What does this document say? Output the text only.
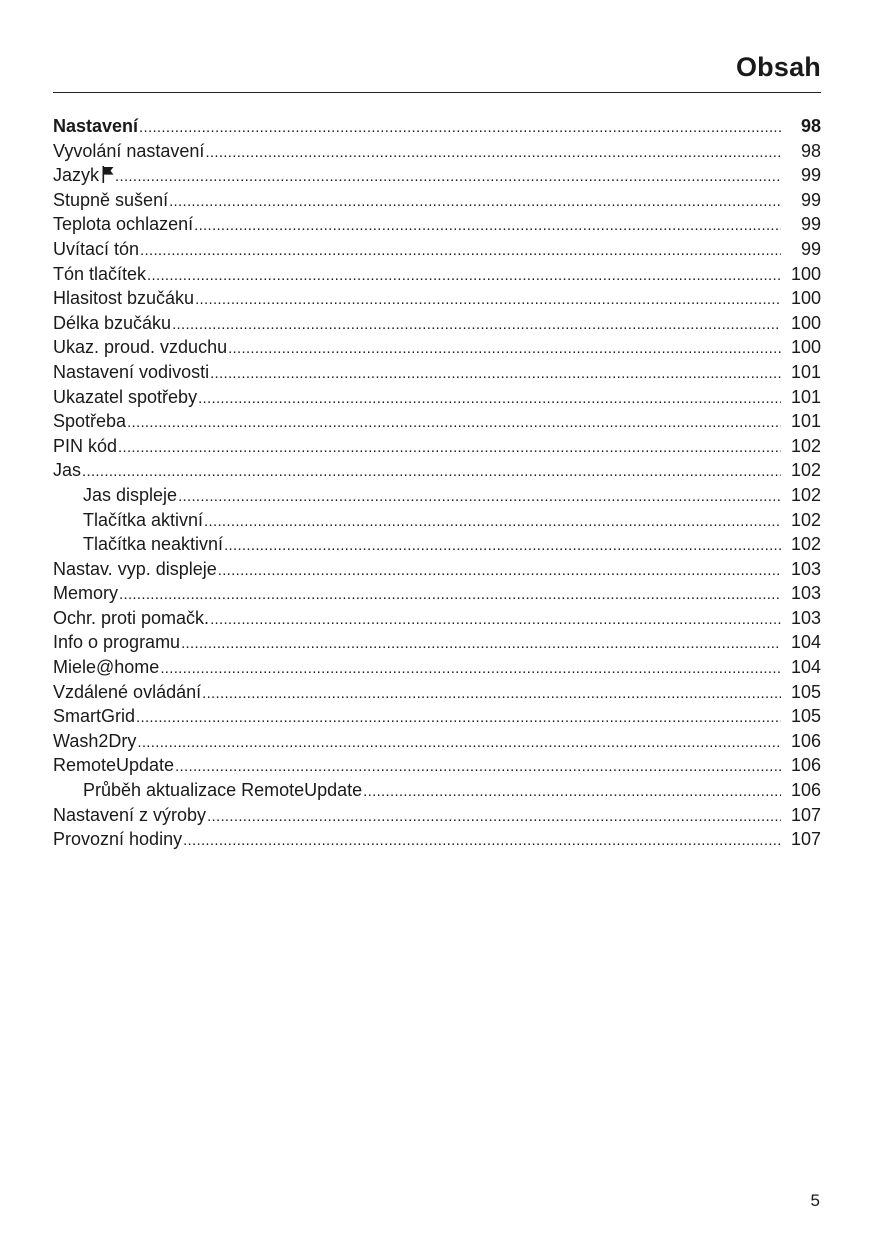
Obsah
Nastavení .....	98
Vyvolání nastavení .....	98
Jazyk .....	99
Stupně sušení .....	99
Teplota ochlazení .....	99
Uvítací tón .....	99
Tón tlačítek .....	100
Hlasitost bzučáku .....	100
Délka bzučáku .....	100
Ukaz. proud. vzduchu .....	100
Nastavení vodivosti .....	101
Ukazatel spotřeby .....	101
Spotřeba .....	101
PIN kód .....	102
Jas .....	102
Jas displeje .....	102
Tlačítka aktivní .....	102
Tlačítka neaktivní .....	102
Nastav. vyp. displeje .....	103
Memory .....	103
Ochr. proti pomačk. .....	103
Info o programu .....	104
Miele@home .....	104
Vzdálené ovládání .....	105
SmartGrid .....	105
Wash2Dry .....	106
RemoteUpdate .....	106
Průběh aktualizace RemoteUpdate .....	106
Nastavení z výroby .....	107
Provozní hodiny .....	107
5
